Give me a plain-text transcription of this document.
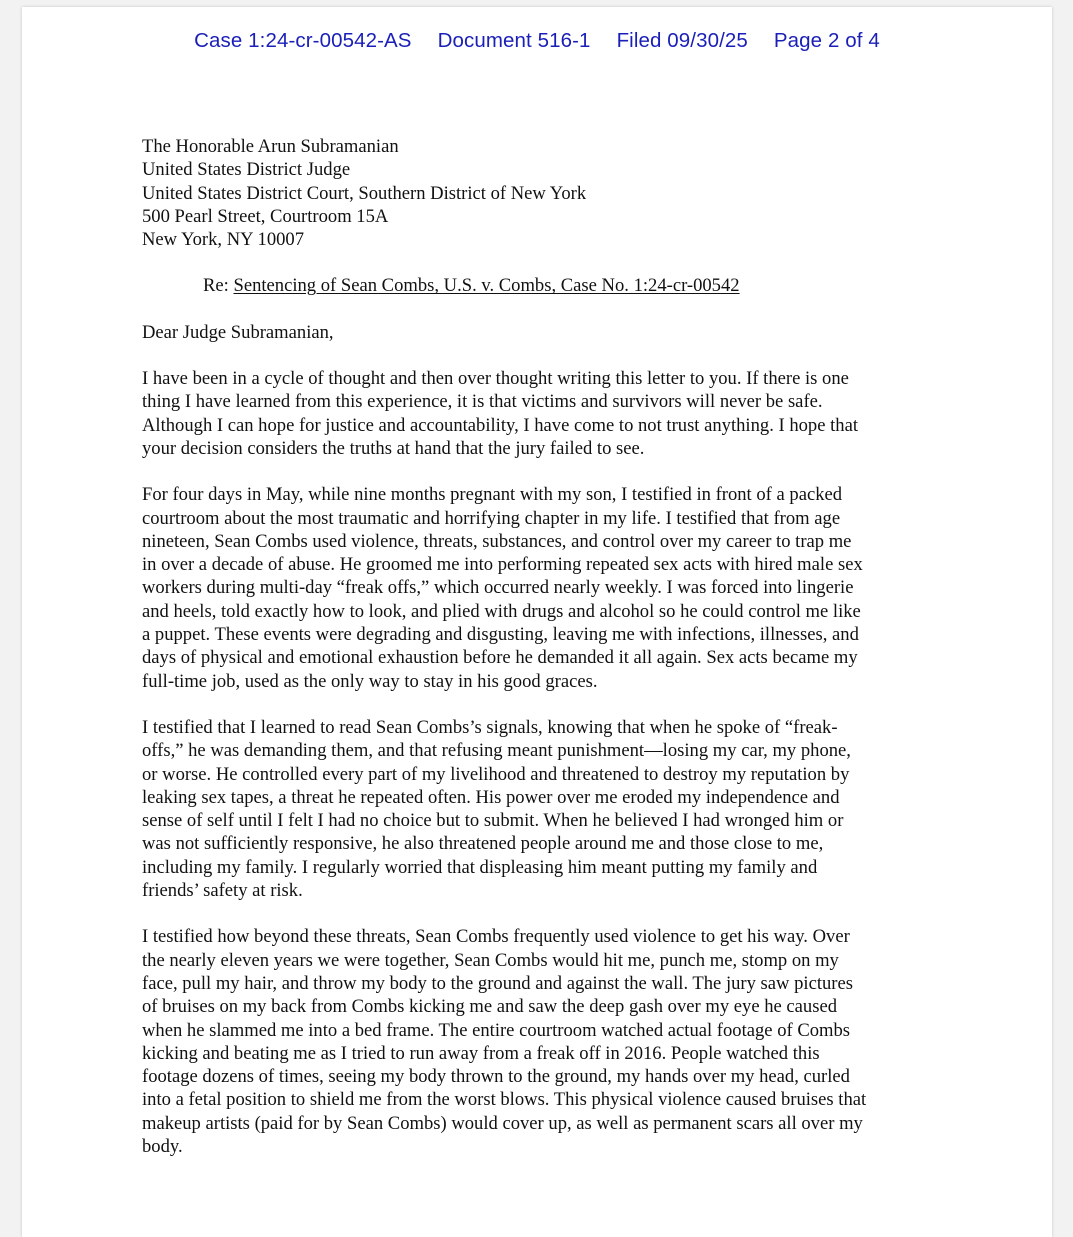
Case 1:24-cr-00542-AS Document 516-1 Filed 09/30/25 Page 2 of 4
The Honorable Arun Subramanian
United States District Judge
United States District Court, Southern District of New York
500 Pearl Street, Courtroom 15A
New York, NY 10007
Re: Sentencing of Sean Combs, U.S. v. Combs, Case No. 1:24-cr-00542
Dear Judge Subramanian,
I have been in a cycle of thought and then over thought writing this letter to you. If there is one
thing I have learned from this experience, it is that victims and survivors will never be safe.
Although I can hope for justice and accountability, I have come to not trust anything. I hope that
your decision considers the truths at hand that the jury failed to see.
For four days in May, while nine months pregnant with my son, I testified in front of a packed
courtroom about the most traumatic and horrifying chapter in my life. I testified that from age
nineteen, Sean Combs used violence, threats, substances, and control over my career to trap me
in over a decade of abuse. He groomed me into performing repeated sex acts with hired male sex
workers during multi-day “freak offs,” which occurred nearly weekly. I was forced into lingerie
and heels, told exactly how to look, and plied with drugs and alcohol so he could control me like
a puppet. These events were degrading and disgusting, leaving me with infections, illnesses, and
days of physical and emotional exhaustion before he demanded it all again. Sex acts became my
full-time job, used as the only way to stay in his good graces.
I testified that I learned to read Sean Combs’s signals, knowing that when he spoke of “freak-
offs,” he was demanding them, and that refusing meant punishment—losing my car, my phone,
or worse. He controlled every part of my livelihood and threatened to destroy my reputation by
leaking sex tapes, a threat he repeated often. His power over me eroded my independence and
sense of self until I felt I had no choice but to submit. When he believed I had wronged him or
was not sufficiently responsive, he also threatened people around me and those close to me,
including my family. I regularly worried that displeasing him meant putting my family and
friends’ safety at risk.
I testified how beyond these threats, Sean Combs frequently used violence to get his way. Over
the nearly eleven years we were together, Sean Combs would hit me, punch me, stomp on my
face, pull my hair, and throw my body to the ground and against the wall. The jury saw pictures
of bruises on my back from Combs kicking me and saw the deep gash over my eye he caused
when he slammed me into a bed frame. The entire courtroom watched actual footage of Combs
kicking and beating me as I tried to run away from a freak off in 2016. People watched this
footage dozens of times, seeing my body thrown to the ground, my hands over my head, curled
into a fetal position to shield me from the worst blows. This physical violence caused bruises that
makeup artists (paid for by Sean Combs) would cover up, as well as permanent scars all over my
body.
